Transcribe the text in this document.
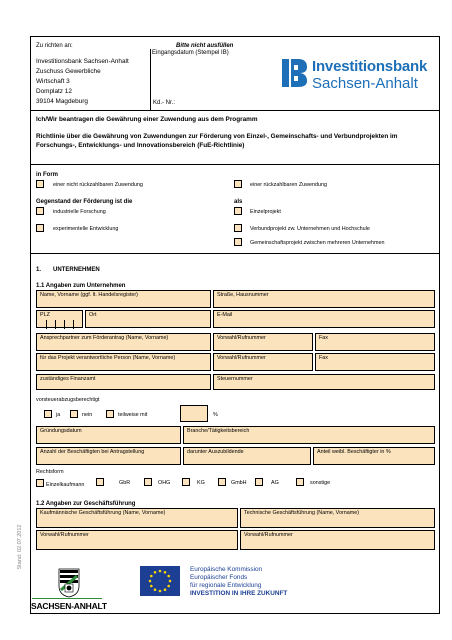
Zu richten an:
Investitionsbank Sachsen-Anhalt
Zuschuss Gewerbliche
Wirtschaft 3
Domplatz 12
39104 Magdeburg
Bitte nicht ausfüllen
Eingangsdatum (Stempel IB)
Kd.- Nr.:
Investitionsbank
Sachsen-Anhalt
Ich/Wir beantragen die Gewährung einer Zuwendung aus dem Programm
Richtlinie über die Gewährung von Zuwendungen zur Förderung von Einzel-, Gemeinschafts- und Verbundprojekten im Forschungs-, Entwicklungs- und Innovationsbereich (FuE-Richtlinie)
in Form
einer nicht rückzahlbaren Zuwendung	einer rückzahlbaren Zuwendung
Gegenstand der Förderung ist die	als
industrielle Forschung	Einzelprojekt
experimentelle Entwicklung	Verbundprojekt zw. Unternehmen und Hochschule
Gemeinschaftsprojekt zwischen mehreren Unternehmen
1. UNTERNEHMEN
1.1 Angaben zum Unternehmen
Name, Vorname (ggf. lt. Handelsregister)	Straße, Hausnummer
PLZ	Ort	E-Mail
Ansprechpartner zum Förderantrag (Name, Vorname)	Vorwahl/Rufnummer	Fax
für das Projekt verantwortliche Person (Name, Vorname)	Vorwahl/Rufnummer	Fax
zuständiges Finanzamt	Steuernummer
vorsteuerabzugsberechtigt
ja	nein	teilweise mit	%
Gründungsdatum	Branche/Tätigkeitsbereich
Anzahl der Beschäftigten bei Antragstellung	darunter Auszubildende	Anteil weibl. Beschäftigter in %
Rechtsform
Einzelkaufmann	GbR	OHG	KG	GmbH	AG	sonstige
1.2 Angaben zur Geschäftsführung
Kaufmännische Geschäftsführung (Name, Vorname)	Technische Geschäftsführung (Name, Vorname)
Vorwahl/Rufnummer	Vorwahl/Rufnummer
Stand: 02.07.2012
SACHSEN-ANHALT
Europäische Kommission
Europäischer Fonds
für regionale Entwicklung
INVESTITION IN IHRE ZUKUNFT
